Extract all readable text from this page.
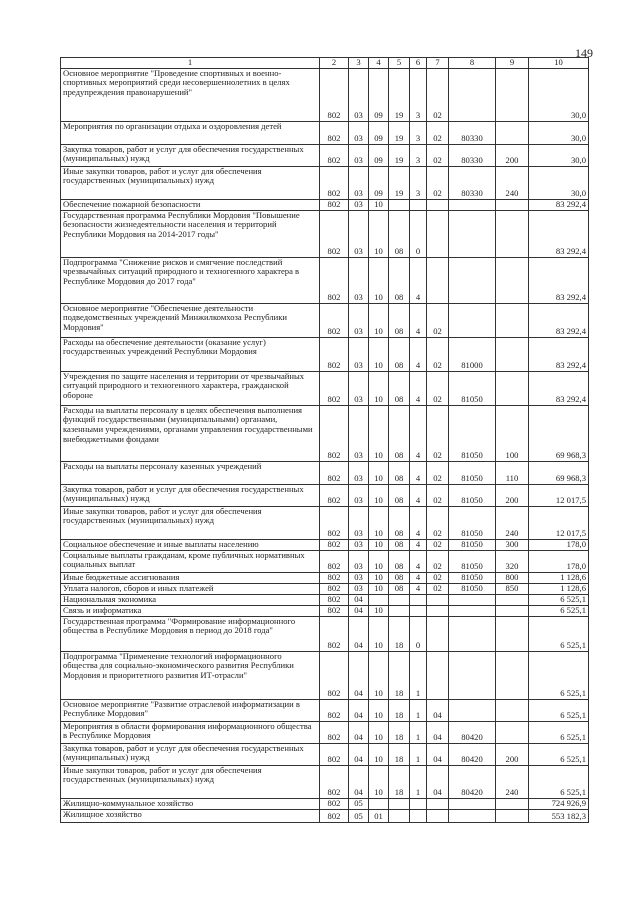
149
1	2	3	4	5	6	7	8	9	10
Основное мероприятие "Проведение спортивных и военно-спортивных мероприятий среди несовершеннолетних в целях предупреждения правонарушений"	802	03	09	19	3	02			30,0
Мероприятия по организации отдыха и оздоровления детей	802	03	09	19	3	02	80330		30,0
Закупка товаров, работ и услуг для обеспечения государственных (муниципальных) нужд	802	03	09	19	3	02	80330	200	30,0
Иные закупки товаров, работ и услуг для обеспечения государственных (муниципальных) нужд	802	03	09	19	3	02	80330	240	30,0
Обеспечение пожарной безопасности	802	03	10						83 292,4
Государственная программа Республики Мордовия "Повышение безопасности жизнедеятельности населения и территорий Республики Мордовия на 2014-2017 годы"	802	03	10	08	0				83 292,4
Подпрограмма "Снижение рисков и смягчение последствий чрезвычайных ситуаций природного и техногенного характера в Республике Мордовия до 2017 года"	802	03	10	08	4				83 292,4
Основное мероприятие "Обеспечение деятельности подведомственных учреждений Минжилкомхоза Республики Мордовия"	802	03	10	08	4	02			83 292,4
Расходы на обеспечение деятельности (оказание услуг) государственных учреждений Республики Мордовия	802	03	10	08	4	02	81000		83 292,4
Учреждения по защите населения и территории от чрезвычайных ситуаций природного и техногенного характера, гражданской обороне	802	03	10	08	4	02	81050		83 292,4
Расходы на выплаты персоналу в целях обеспечения выполнения функций государственными (муниципальными) органами, казенными учреждениями, органами управления государственными внебюджетными фондами	802	03	10	08	4	02	81050	100	69 968,3
Расходы на выплаты персоналу казенных учреждений	802	03	10	08	4	02	81050	110	69 968,3
Закупка товаров, работ и услуг для обеспечения государственных (муниципальных) нужд	802	03	10	08	4	02	81050	200	12 017,5
Иные закупки товаров, работ и услуг для обеспечения государственных (муниципальных) нужд	802	03	10	08	4	02	81050	240	12 017,5
Социальное обеспечение и иные выплаты населению	802	03	10	08	4	02	81050	300	178,0
Социальные выплаты гражданам, кроме публичных нормативных социальных выплат	802	03	10	08	4	02	81050	320	178,0
Иные бюджетные ассигнования	802	03	10	08	4	02	81050	800	1 128,6
Уплата налогов, сборов и иных платежей	802	03	10	08	4	02	81050	850	1 128,6
Национальная экономика	802	04							6 525,1
Связь и информатика	802	04	10						6 525,1
Государственная программа "Формирование информационного общества в Республике Мордовия в период до 2018 года"	802	04	10	18	0				6 525,1
Подпрограмма "Применение технологий информационного общества для социально-экономического развития Республики Мордовия и приоритетного развития ИТ-отрасли"	802	04	10	18	1				6 525,1
Основное мероприятие "Развитие отраслевой информатизации в Республике Мордовия"	802	04	10	18	1	04			6 525,1
Мероприятия в области формирования информационного общества в Республике Мордовия	802	04	10	18	1	04	80420		6 525,1
Закупка товаров, работ и услуг для обеспечения государственных (муниципальных) нужд	802	04	10	18	1	04	80420	200	6 525,1
Иные закупки товаров, работ и услуг для обеспечения государственных (муниципальных) нужд	802	04	10	18	1	04	80420	240	6 525,1
Жилищно-коммунальное хозяйство	802	05							724 926,9
Жилищное хозяйство	802	05	01						553 182,3
